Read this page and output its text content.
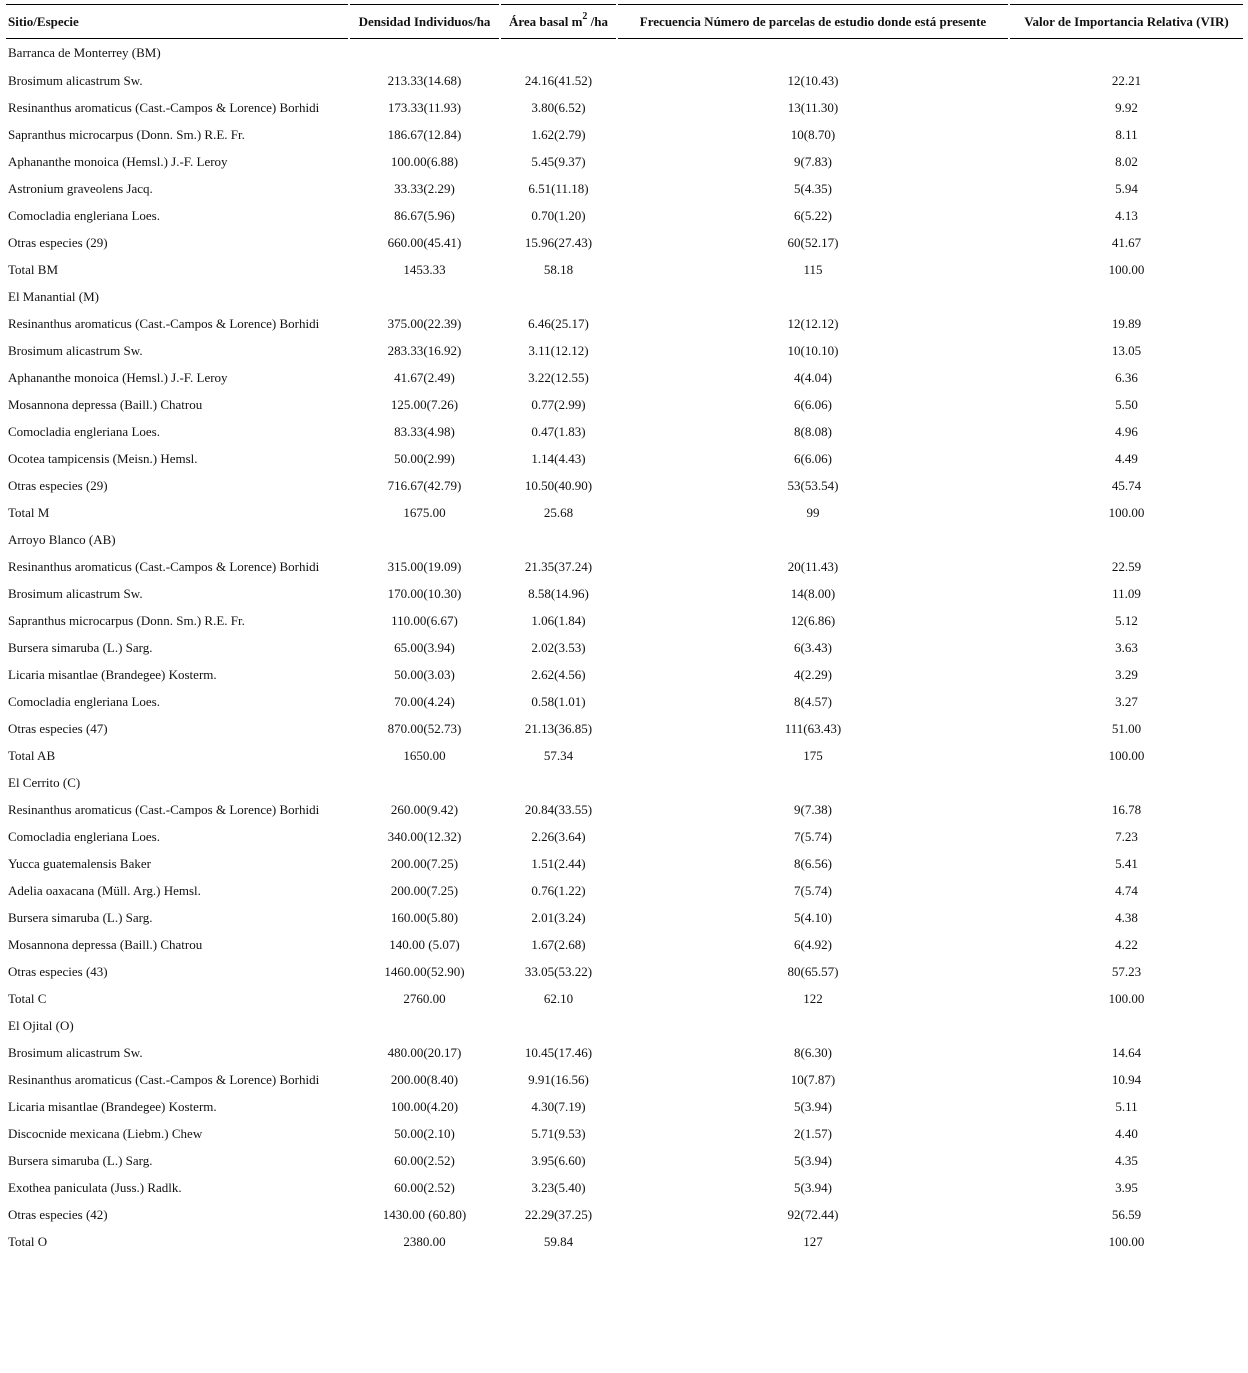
Sitio/Especie	Densidad Individuos/ha	Área basal $m^2$ /ha	Frecuencia Número de parcelas de estudio donde está presente	Valor de Importancia Relativa (VIR)
Barranca de Monterrey (BM)				
Brosimum alicastrum Sw.	213.33(14.68)	24.16(41.52)	12(10.43)	22.21
Resinanthus aromaticus (Cast.-Campos & Lorence) Borhidi	173.33(11.93)	3.80(6.52)	13(11.30)	9.92
Sapranthus microcarpus (Donn. Sm.) R.E. Fr.	186.67(12.84)	1.62(2.79)	10(8.70)	8.11
Aphananthe monoica (Hemsl.) J.-F. Leroy	100.00(6.88)	5.45(9.37)	9(7.83)	8.02
Astronium graveolens Jacq.	33.33(2.29)	6.51(11.18)	5(4.35)	5.94
Comocladia engleriana Loes.	86.67(5.96)	0.70(1.20)	6(5.22)	4.13
Otras especies (29)	660.00(45.41)	15.96(27.43)	60(52.17)	41.67
Total BM	1453.33	58.18	115	100.00
El Manantial (M)				
Resinanthus aromaticus (Cast.-Campos & Lorence) Borhidi	375.00(22.39)	6.46(25.17)	12(12.12)	19.89
Brosimum alicastrum Sw.	283.33(16.92)	3.11(12.12)	10(10.10)	13.05
Aphananthe monoica (Hemsl.) J.-F. Leroy	41.67(2.49)	3.22(12.55)	4(4.04)	6.36
Mosannona depressa (Baill.) Chatrou	125.00(7.26)	0.77(2.99)	6(6.06)	5.50
Comocladia engleriana Loes.	83.33(4.98)	0.47(1.83)	8(8.08)	4.96
Ocotea tampicensis (Meisn.) Hemsl.	50.00(2.99)	1.14(4.43)	6(6.06)	4.49
Otras especies (29)	716.67(42.79)	10.50(40.90)	53(53.54)	45.74
Total M	1675.00	25.68	99	100.00
Arroyo Blanco (AB)				
Resinanthus aromaticus (Cast.-Campos & Lorence) Borhidi	315.00(19.09)	21.35(37.24)	20(11.43)	22.59
Brosimum alicastrum Sw.	170.00(10.30)	8.58(14.96)	14(8.00)	11.09
Sapranthus microcarpus (Donn. Sm.) R.E. Fr.	110.00(6.67)	1.06(1.84)	12(6.86)	5.12
Bursera simaruba (L.) Sarg.	65.00(3.94)	2.02(3.53)	6(3.43)	3.63
Licaria misantlae (Brandegee) Kosterm.	50.00(3.03)	2.62(4.56)	4(2.29)	3.29
Comocladia engleriana Loes.	70.00(4.24)	0.58(1.01)	8(4.57)	3.27
Otras especies (47)	870.00(52.73)	21.13(36.85)	111(63.43)	51.00
Total AB	1650.00	57.34	175	100.00
El Cerrito (C)				
Resinanthus aromaticus (Cast.-Campos & Lorence) Borhidi	260.00(9.42)	20.84(33.55)	9(7.38)	16.78
Comocladia engleriana Loes.	340.00(12.32)	2.26(3.64)	7(5.74)	7.23
Yucca guatemalensis Baker	200.00(7.25)	1.51(2.44)	8(6.56)	5.41
Adelia oaxacana (Müll. Arg.) Hemsl.	200.00(7.25)	0.76(1.22)	7(5.74)	4.74
Bursera simaruba (L.) Sarg.	160.00(5.80)	2.01(3.24)	5(4.10)	4.38
Mosannona depressa (Baill.) Chatrou	140.00 (5.07)	1.67(2.68)	6(4.92)	4.22
Otras especies (43)	1460.00(52.90)	33.05(53.22)	80(65.57)	57.23
Total C	2760.00	62.10	122	100.00
El Ojital (O)				
Brosimum alicastrum Sw.	480.00(20.17)	10.45(17.46)	8(6.30)	14.64
Resinanthus aromaticus (Cast.-Campos & Lorence) Borhidi	200.00(8.40)	9.91(16.56)	10(7.87)	10.94
Licaria misantlae (Brandegee) Kosterm.	100.00(4.20)	4.30(7.19)	5(3.94)	5.11
Discocnide mexicana (Liebm.) Chew	50.00(2.10)	5.71(9.53)	2(1.57)	4.40
Bursera simaruba (L.) Sarg.	60.00(2.52)	3.95(6.60)	5(3.94)	4.35
Exothea paniculata (Juss.) Radlk.	60.00(2.52)	3.23(5.40)	5(3.94)	3.95
Otras especies (42)	1430.00 (60.80)	22.29(37.25)	92(72.44)	56.59
Total O	2380.00	59.84	127	100.00
